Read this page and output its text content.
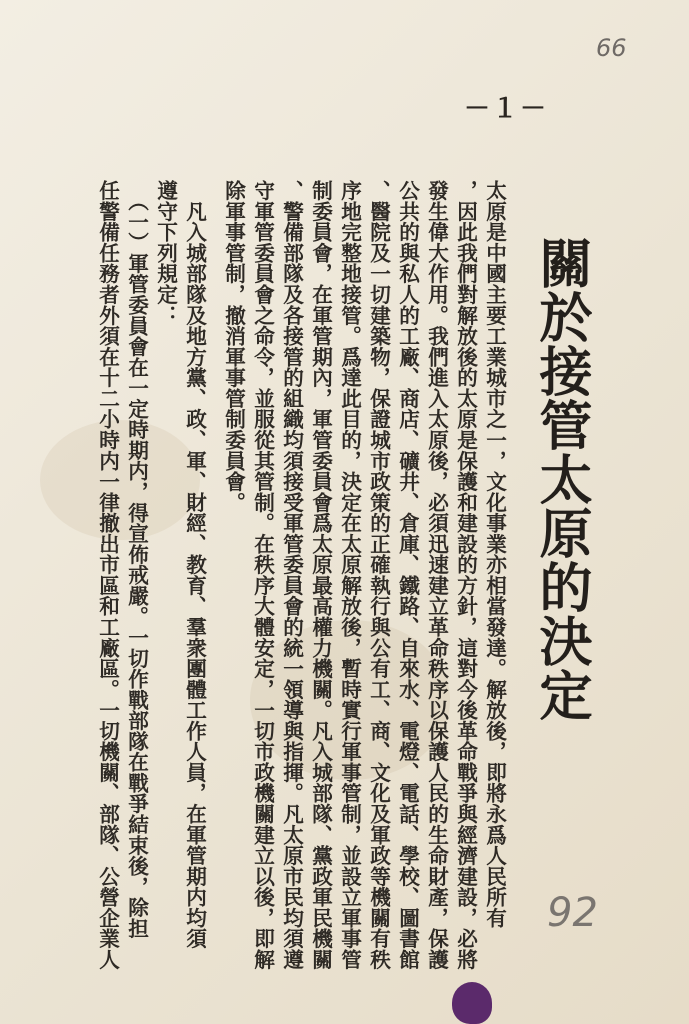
66
－１－
關於接管太原的決定
太原是中國主要工業城市之一，文化事業亦相當發達。解放後，即將永爲人民所有
，因此我們對解放後的太原是保護和建設的方針，這對今後革命戰爭與經濟建設，必將
發生偉大作用。我們進入太原後，必須迅速建立革命秩序以保護人民的生命財產，保護
公共的與私人的工廠、商店、礦井、倉庫、鐵路、自來水、電燈、電話、學校、圖書館
、醫院及一切建築物，保證城市政策的正確執行與公有工、商、文化及軍政等機關有秩
序地完整地接管。爲達此目的，決定在太原解放後，暫時實行軍事管制，並設立軍事管
制委員會，在軍管期內，軍管委員會爲太原最高權力機關。凡入城部隊、黨政軍民機關
、警備部隊及各接管的組織均須接受軍管委員會的統一領導與指揮。凡太原市民均須遵
守軍管委員會之命令，並服從其管制。在秩序大體安定，一切市政機關建立以後，即解
除軍事管制，撤消軍事管制委員會。
　凡入城部隊及地方黨、政、軍、財經、教育、羣衆團體工作人員，在軍管期内均須
遵守下列規定：
　（一）軍管委員會在一定時期内，得宣佈戒嚴。一切作戰部隊在戰爭結束後，除担
任警備任務者外須在十二小時内一律撤出市區和工廠區。一切機關、部隊、公營企業人	92
